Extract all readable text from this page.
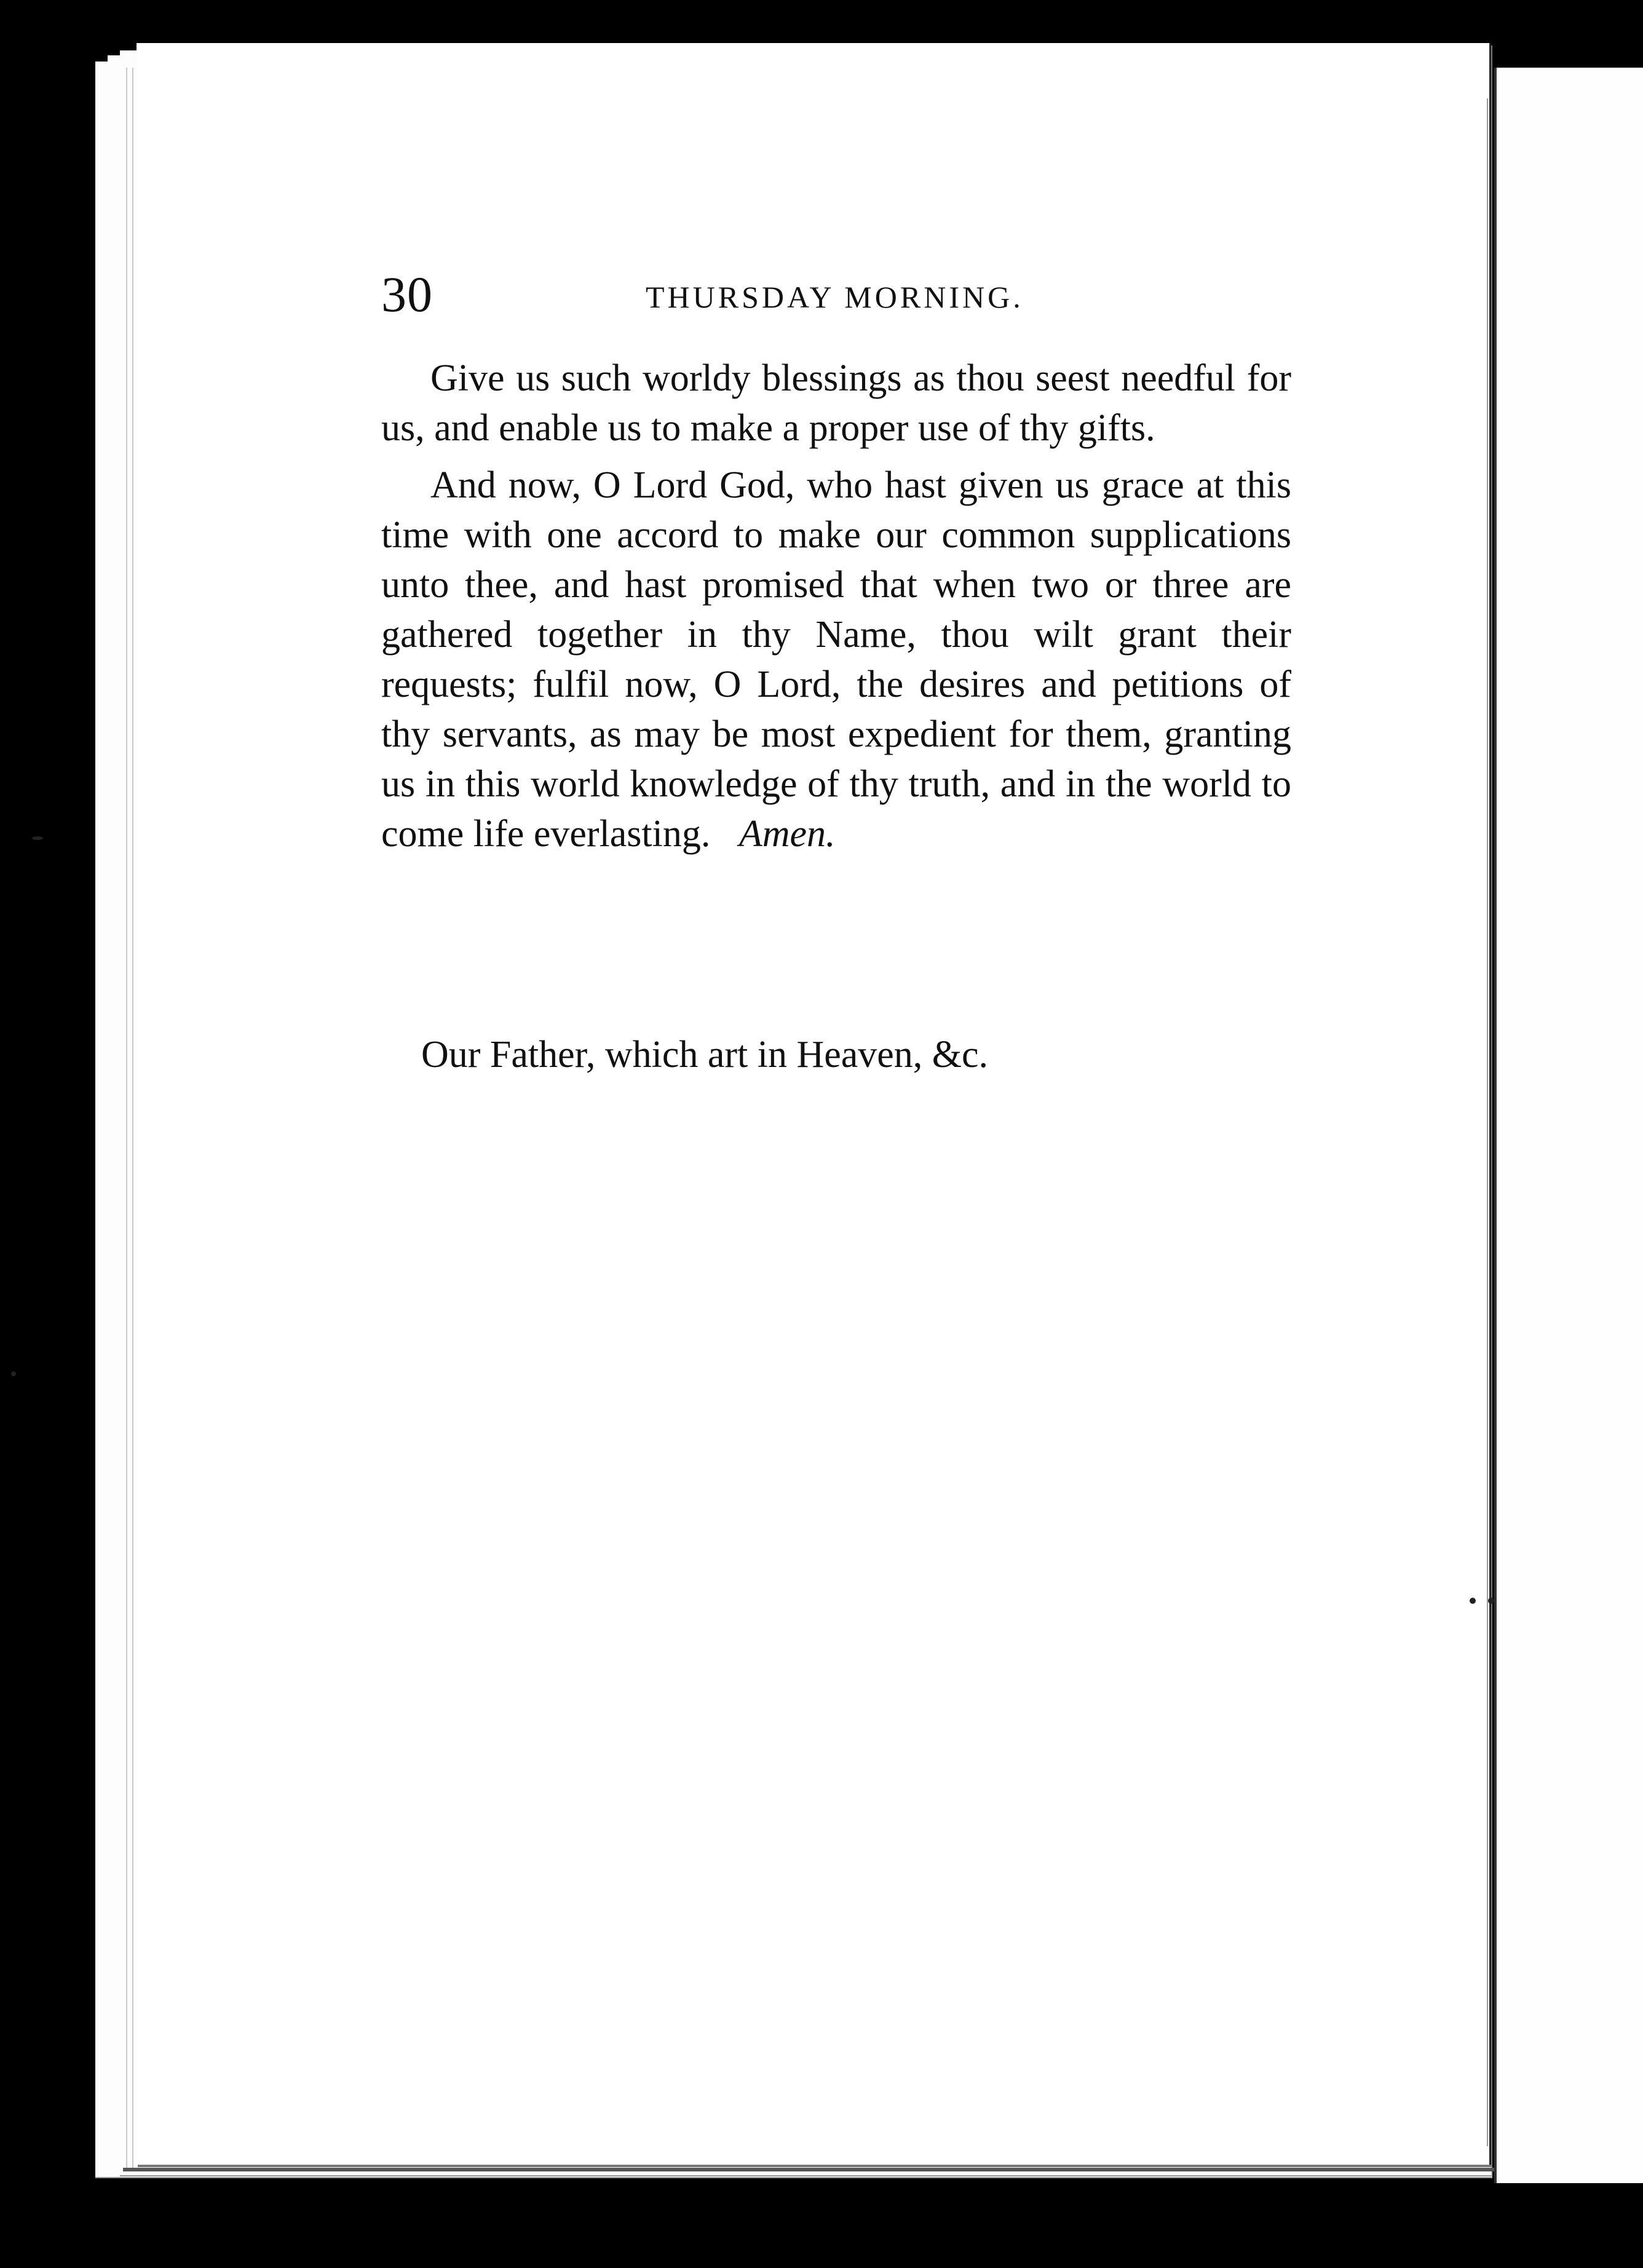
30	THURSDAY MORNING.

Give us such worldy blessings as thou seest needful for us, and enable us to make a proper use of thy gifts.

And now, O Lord God, who hast given us grace at this time with one accord to make our common supplications unto thee, and hast promised that when two or three are gathered together in thy Name, thou wilt grant their requests; fulfil now, O Lord, the desires and petitions of thy servants, as may be most expedient for them, granting us in this world knowledge of thy truth, and in the world to come life everlasting. Amen.

Our Father, which art in Heaven, &c.
